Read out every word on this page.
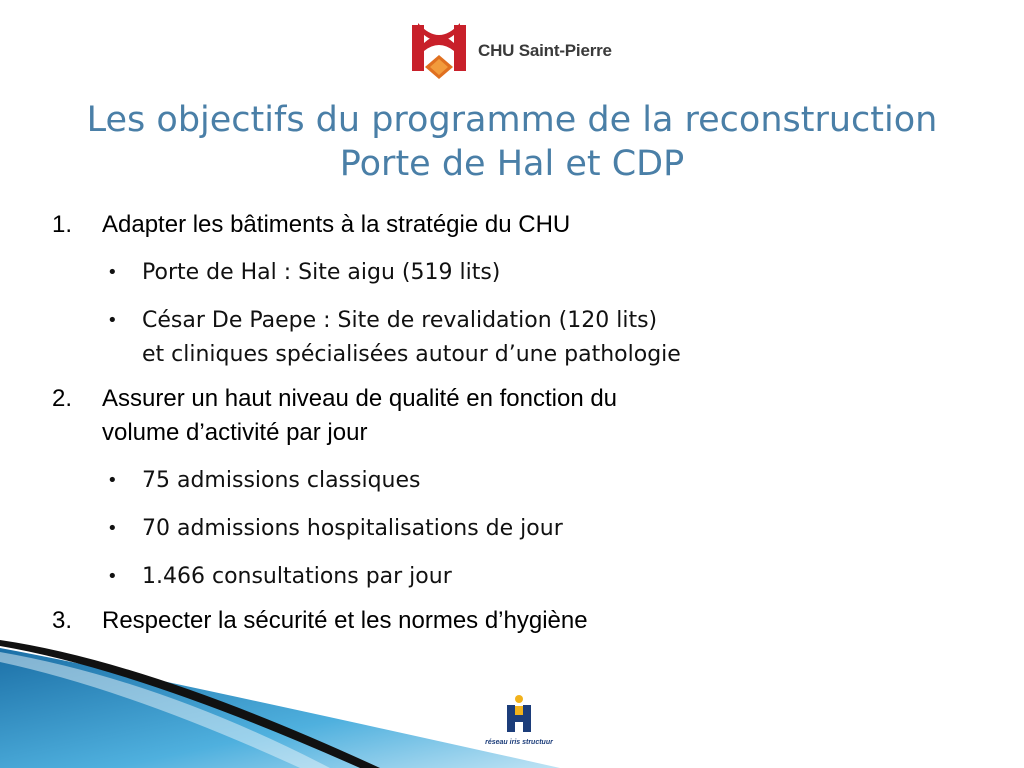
CHU Saint-Pierre
Les objectifs du programme de la reconstruction
Porte de Hal et CDP
1. Adapter les bâtiments à la stratégie du CHU
• Porte de Hal : Site aigu (519 lits)
• César De Paepe : Site de revalidation (120 lits)
et cliniques spécialisées autour d’une pathologie
2. Assurer un haut niveau de qualité en fonction du
volume d’activité par jour
• 75 admissions classiques
• 70 admissions hospitalisations de jour
• 1.466 consultations par jour
3. Respecter la sécurité et les normes d’hygiène
réseau iris structuur
